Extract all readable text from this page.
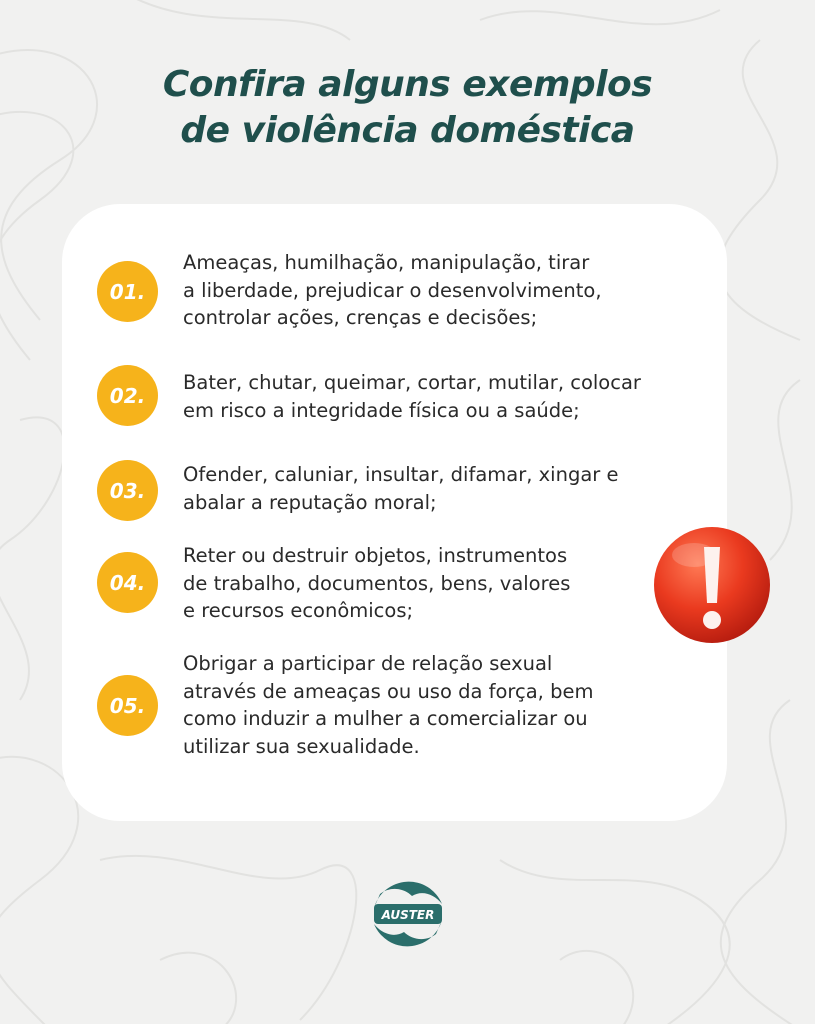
Confira alguns exemplos
de violência doméstica
01.
Ameaças, humilhação, manipulação, tirar
a liberdade, prejudicar o desenvolvimento,
controlar ações, crenças e decisões;
02.
Bater, chutar, queimar, cortar, mutilar, colocar
em risco a integridade física ou a saúde;
03.
Ofender, caluniar, insultar, difamar, xingar e
abalar a reputação moral;
04.
Reter ou destruir objetos, instrumentos
de trabalho, documentos, bens, valores
e recursos econômicos;
05.
Obrigar a participar de relação sexual
através de ameaças ou uso da força, bem
como induzir a mulher a comercializar ou
utilizar sua sexualidade.
AUSTER
